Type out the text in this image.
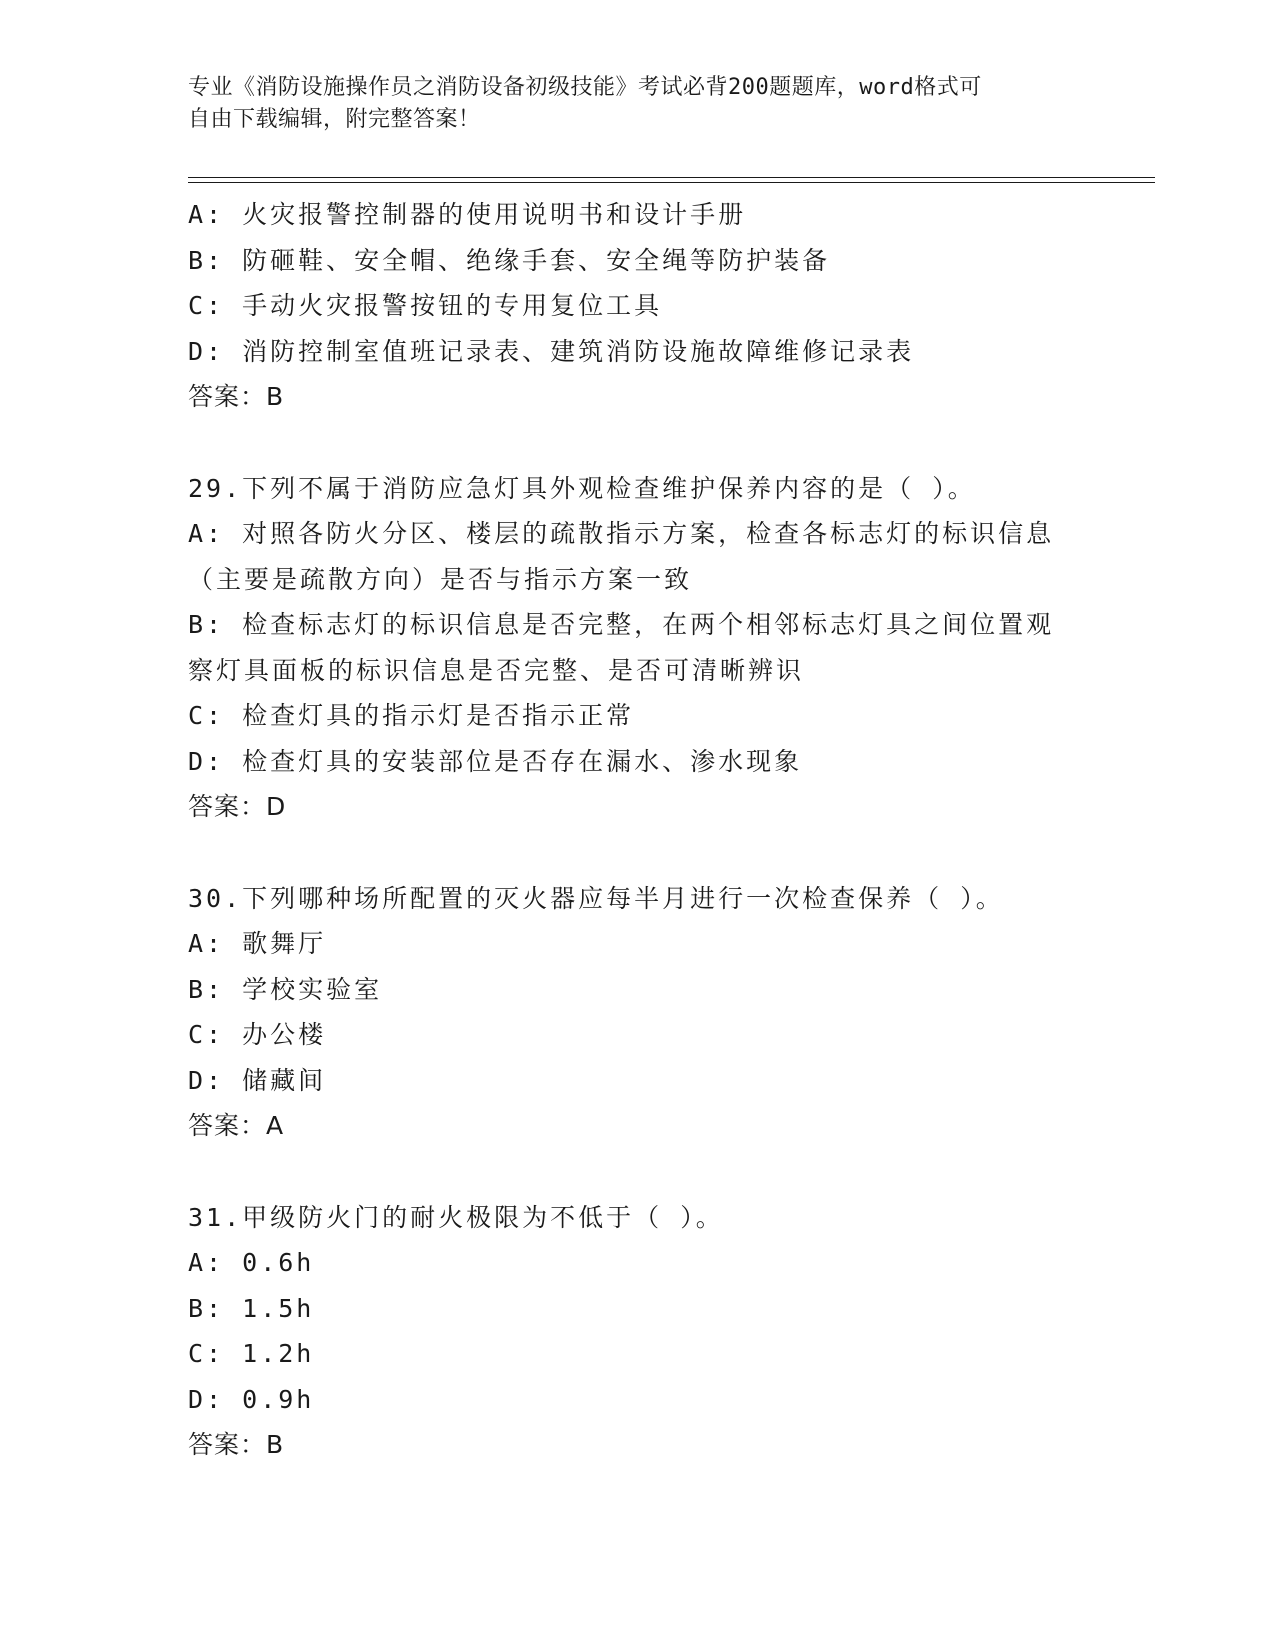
专业《消防设施操作员之消防设备初级技能》考试必背200题题库，word格式可
自由下载编辑，附完整答案！
A: 火灾报警控制器的使用说明书和设计手册
B: 防砸鞋、安全帽、绝缘手套、安全绳等防护装备
C: 手动火灾报警按钮的专用复位工具
D: 消防控制室值班记录表、建筑消防设施故障维修记录表
答案：B
29.下列不属于消防应急灯具外观检查维护保养内容的是（ ）。
A: 对照各防火分区、楼层的疏散指示方案，检查各标志灯的标识信息
（主要是疏散方向）是否与指示方案一致
B: 检查标志灯的标识信息是否完整，在两个相邻标志灯具之间位置观
察灯具面板的标识信息是否完整、是否可清晰辨识
C: 检查灯具的指示灯是否指示正常
D: 检查灯具的安装部位是否存在漏水、渗水现象
答案：D
30.下列哪种场所配置的灭火器应每半月进行一次检查保养（ ）。
A: 歌舞厅
B: 学校实验室
C: 办公楼
D: 储藏间
答案：A
31.甲级防火门的耐火极限为不低于（ ）。
A: 0.6h
B: 1.5h
C: 1.2h
D: 0.9h
答案：B
